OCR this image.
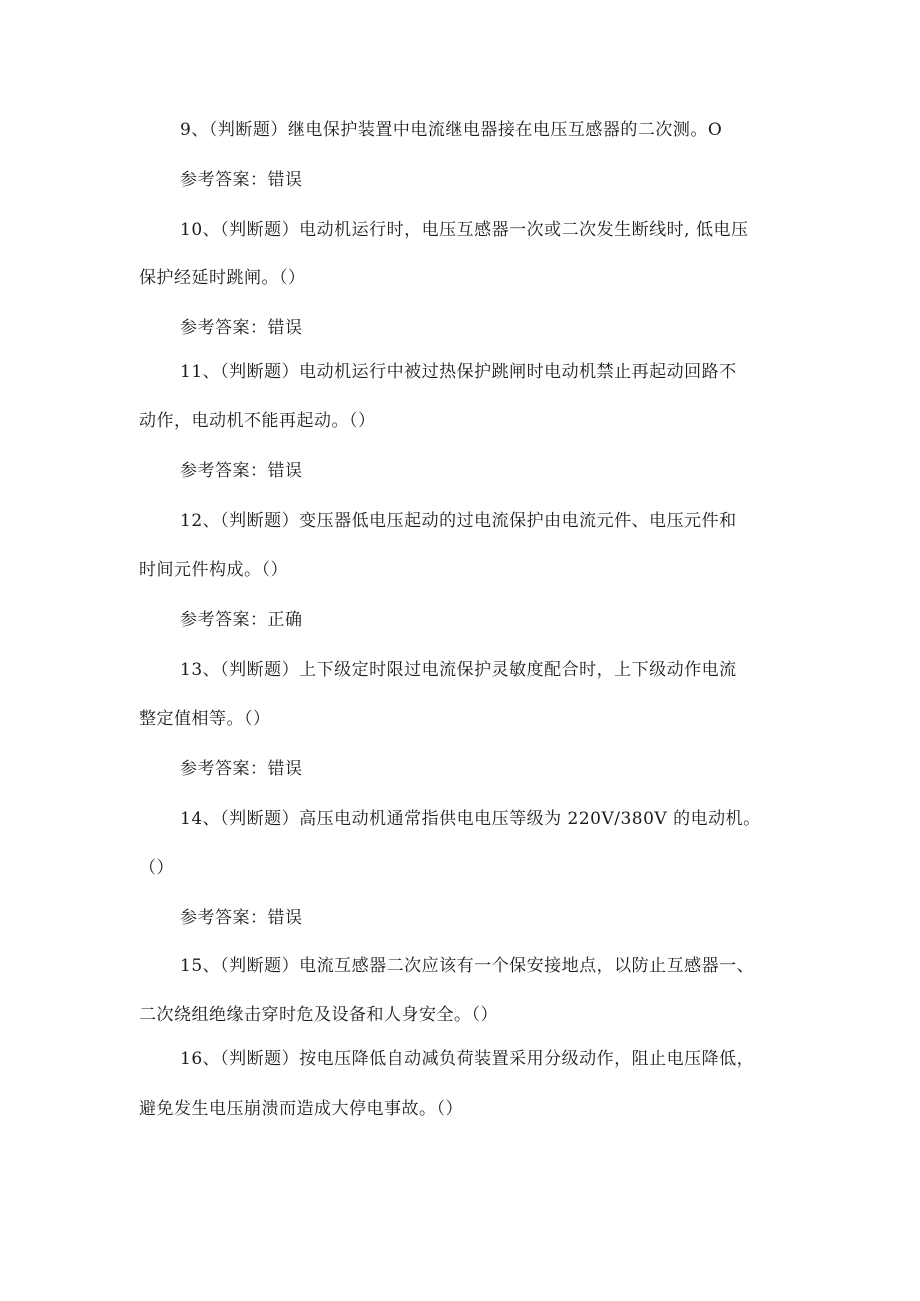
9、（判断题）继电保护装置中电流继电器接在电压互感器的二次测。O
参考答案：错误
10、（判断题）电动机运行时，电压互感器一次或二次发生断线时, 低电压
保护经延时跳闸。（）
参考答案：错误
11、（判断题）电动机运行中被过热保护跳闸时电动机禁止再起动回路不
动作，电动机不能再起动。（）
参考答案：错误
12、（判断题）变压器低电压起动的过电流保护由电流元件、电压元件和
时间元件构成。（）
参考答案：正确
13、（判断题）上下级定时限过电流保护灵敏度配合时，上下级动作电流
整定值相等。（）
参考答案：错误
14、（判断题）高压电动机通常指供电电压等级为 220V/380V 的电动机。
（）
参考答案：错误
15、（判断题）电流互感器二次应该有一个保安接地点，以防止互感器一、
二次绕组绝缘击穿时危及设备和人身安全。（）
16、（判断题）按电压降低自动减负荷装置采用分级动作，阻止电压降低，
避免发生电压崩溃而造成大停电事故。（）
